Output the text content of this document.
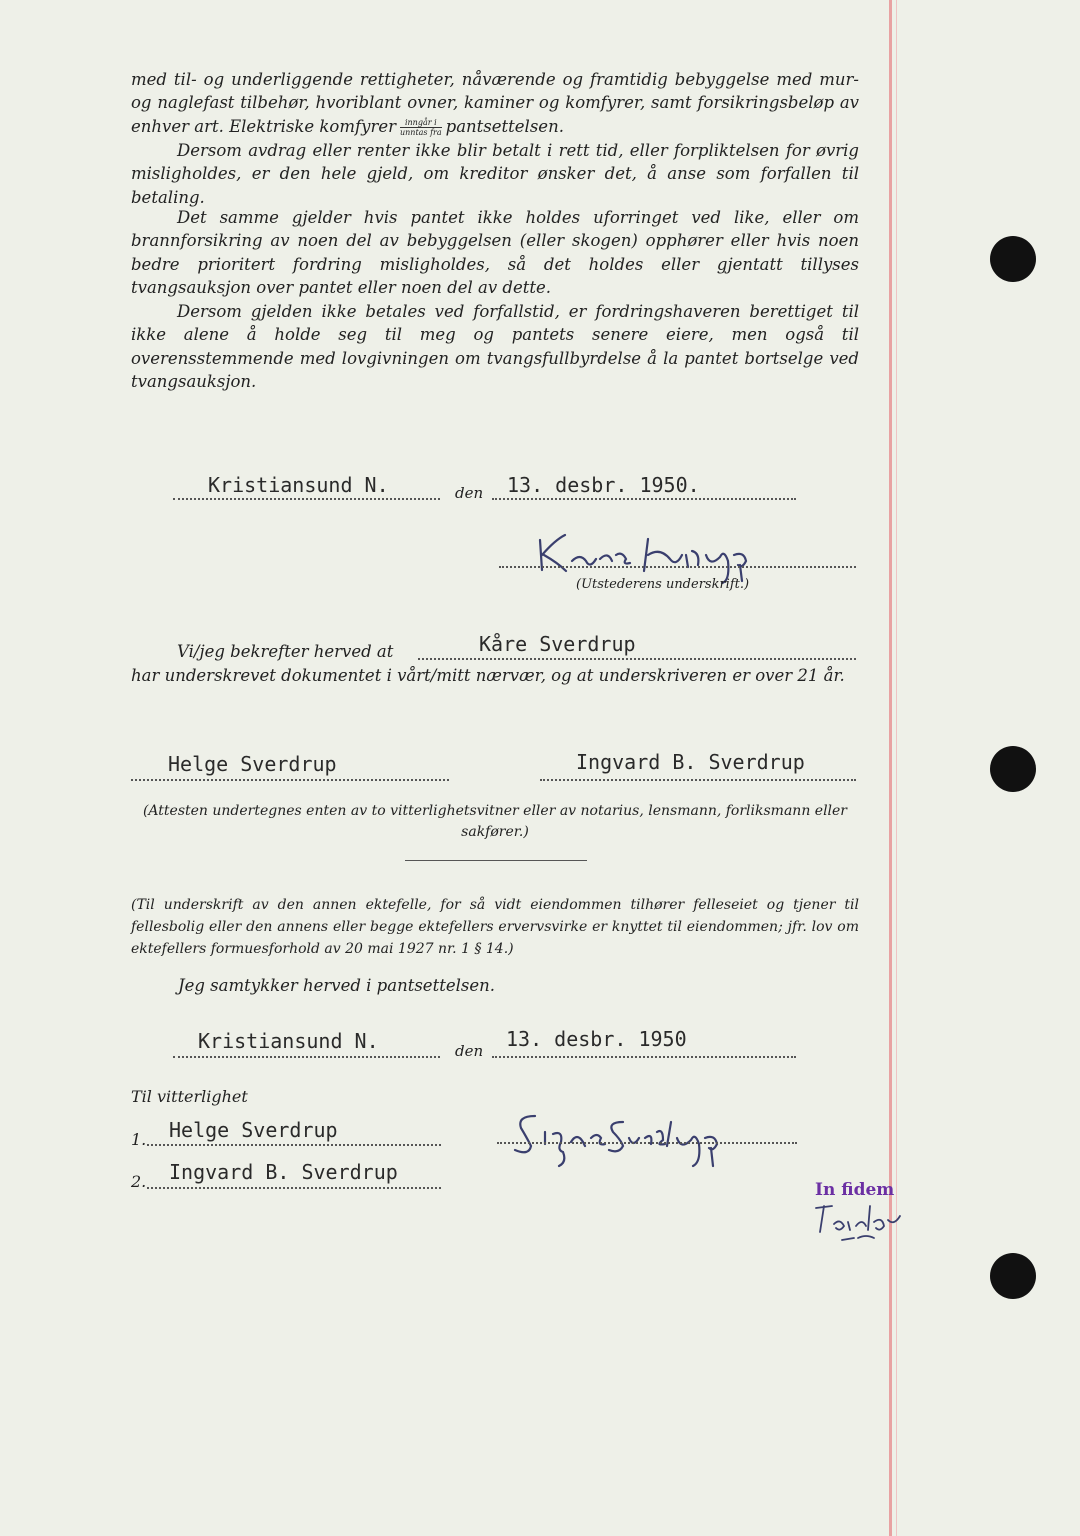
med til- og underliggende rettigheter, nåværende og framtidig bebyggelse med mur- og naglefast tilbehør, hvoriblant ovner, kaminer og komfyrer, samt forsikringsbeløp av enhver art. Elektriske komfyrer $\frac{\text{inngår i}}{\text{unntas fra}}$ pantsettelsen.

Dersom avdrag eller renter ikke blir betalt i rett tid, eller forpliktelsen for øvrig misligholdes, er den hele gjeld, om kreditor ønsker det, å anse som forfallen til betaling.

Det samme gjelder hvis pantet ikke holdes uforringet ved like, eller om brannforsikring av noen del av bebyggelsen (eller skogen) opphører eller hvis noen bedre prioritert fordring misligholdes, så det holdes eller gjentatt tillyses tvangsauksjon over pantet eller noen del av dette.

Dersom gjelden ikke betales ved forfallstid, er fordringshaveren berettiget til ikke alene å holde seg til meg og pantets senere eiere, men også til overensstemmende med lovgivningen om tvangsfullbyrdelse å la pantet bortselge ved tvangsauksjon.

Kristiansund N.	den 13. desbr. 1950.
(Utstederens underskrift.)
Vi/jeg bekrefter herved at	Kåre Sverdrup

har underskrevet dokumentet i vårt/mitt nærvær, og at underskriveren er over 21 år.

Helge Sverdrup	Ingvard B. Sverdrup

(Attesten undertegnes enten av to vitterlighetsvitner eller av notarius, lensmann, forliksmann eller sakfører.)

(Til underskrift av den annen ektefelle, for så vidt eiendommen tilhører felleseiet og tjener til fellesbolig eller den annens eller begge ektefellers ervervsvirke er knyttet til eiendommen; jfr. lov om ektefellers formuesforhold av 20 mai 1927 nr. 1 § 14.)

Jeg samtykker herved i pantsettelsen.
Kristiansund N.	den 13. desbr. 1950
Til vitterlighet
1. Helge Sverdrup
2. Ingvard B. Sverdrup
In fidem
